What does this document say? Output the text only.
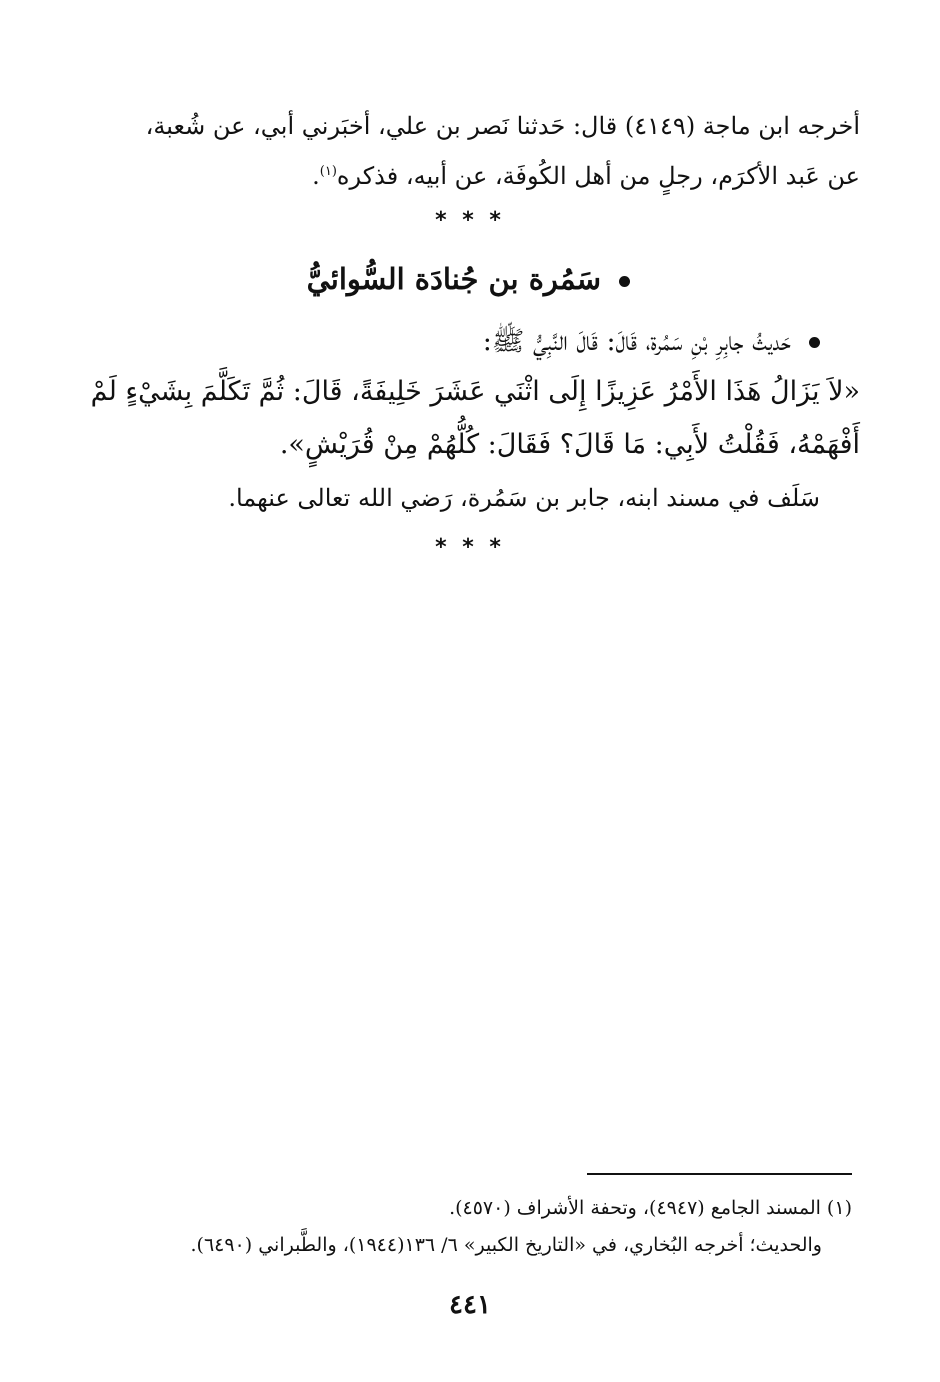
أخرجه ابن ماجة (٤١٤٩) قال: حَدثنا نَصر بن علي، أخبَرني أبي، عن شُعبة،
عن عَبد الأكرَم، رجلٍ من أهل الكُوفَة، عن أبيه، فذكره$^{(١)}$.
* * *
سَمُرة بن جُنادَة السُّوائيُّ
حَديثُ جابِرِ بْنِ سَمُرة، قَالَ: قَالَ النَّبِيُّ ﷺ:
«لاَ يَزَالُ هَذَا الأَمْرُ عَزِيزًا إِلَى اثْنَي عَشَرَ خَلِيفَةً، قَالَ: ثُمَّ تَكَلَّمَ بِشَيْءٍ لَمْ
أَفْهَمْهُ، فَقُلْتُ لأَبِي: مَا قَالَ؟ فَقَالَ: كُلُّهُمْ مِنْ قُرَيْشٍ».
سَلَف في مسند ابنه، جابر بن سَمُرة، رَضي الله تعالى عنهما.
* * *
(١) المسند الجامع (٤٩٤٧)، وتحفة الأشراف (٤٥٧٠).
والحديث؛ أخرجه البُخاري، في «التاريخ الكبير» ٦/ ١٣٦(١٩٤٤)، والطَّبراني (٦٤٩٠).
٤٤١
